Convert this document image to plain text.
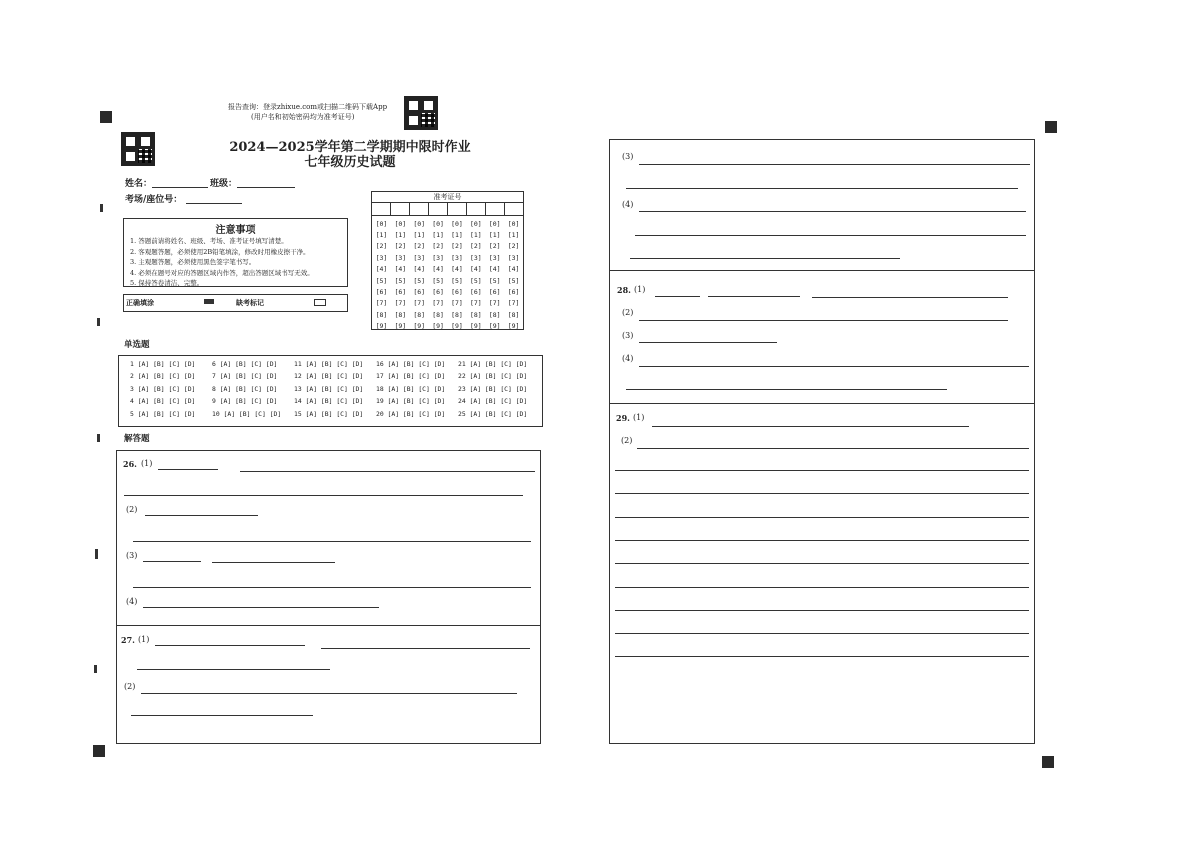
报告查询：登录zhixue.com或扫描二维码下载App
(用户名和初始密码均为准考证号)
2024—2025学年第二学期期中限时作业
七年级历史试题
姓名：	班级：
考场/座位号：
注意事项
1. 答题前请将姓名、班级、考场、准考证号填写清楚。
2. 客观题答题，必须使用2B铅笔填涂，修改时用橡皮擦干净。
3. 主观题答题，必须使用黑色签字笔书写。
4. 必须在题号对应的答题区域内作答，超出答题区域书写无效。
5. 保持答卷清洁、完整。
正确填涂	缺考标记
准考证号
[0]	[0]	[0]	[0]	[0]	[0]	[0]	[0]
[1]	[1]	[1]	[1]	[1]	[1]	[1]	[1]
[2]	[2]	[2]	[2]	[2]	[2]	[2]	[2]
[3]	[3]	[3]	[3]	[3]	[3]	[3]	[3]
[4]	[4]	[4]	[4]	[4]	[4]	[4]	[4]
[5]	[5]	[5]	[5]	[5]	[5]	[5]	[5]
[6]	[6]	[6]	[6]	[6]	[6]	[6]	[6]
[7]	[7]	[7]	[7]	[7]	[7]	[7]	[7]
[8]	[8]	[8]	[8]	[8]	[8]	[8]	[8]
[9]	[9]	[9]	[9]	[9]	[9]	[9]	[9]
单选题
1 [A] [B] [C] [D]	6 [A] [B] [C] [D]	11 [A] [B] [C] [D]	16 [A] [B] [C] [D]	21 [A] [B] [C] [D]
2 [A] [B] [C] [D]	7 [A] [B] [C] [D]	12 [A] [B] [C] [D]	17 [A] [B] [C] [D]	22 [A] [B] [C] [D]
3 [A] [B] [C] [D]	8 [A] [B] [C] [D]	13 [A] [B] [C] [D]	18 [A] [B] [C] [D]	23 [A] [B] [C] [D]
4 [A] [B] [C] [D]	9 [A] [B] [C] [D]	14 [A] [B] [C] [D]	19 [A] [B] [C] [D]	24 [A] [B] [C] [D]
5 [A] [B] [C] [D]	10 [A] [B] [C] [D]	15 [A] [B] [C] [D]	20 [A] [B] [C] [D]	25 [A] [B] [C] [D]
解答题
26. (1)
(2)
(3)
(4)
27. (1)
(2)
(3)
(4)
28. (1)
(2)
(3)
(4)
29. (1)
(2)
